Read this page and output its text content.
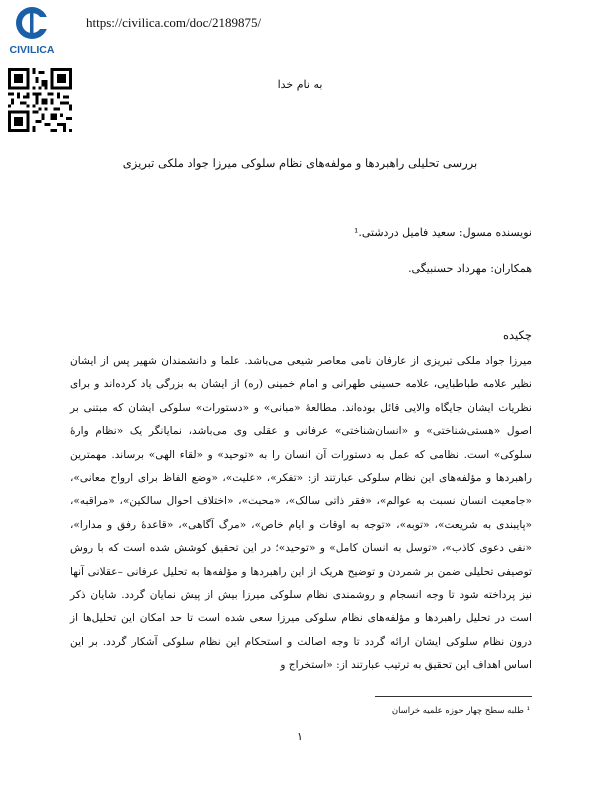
CIVILICA
https://civilica.com/doc/2189875/
به نام خدا
بررسی تحلیلی راهبردها و مولفه‌های نظام سلوکی میرزا جواد ملکی تبریزی
نویسنده مسول: سعید فامیل دردشتی.¹
همکاران: مهرداد حسنبیگی.
چکیده
میرزا جواد ملکی تبریزی از عارفان نامی معاصر شیعی می‌باشد. علما و دانشمندان شهیر پس از ایشان نظیر علامه طباطبایی، علامه حسینی طهرانی و امام خمینی (ره) از ایشان به بزرگی یاد کرده‌اند و برای نظریات ایشان جایگاه والایی قائل بوده‌اند. مطالعهٔ «مبانی» و «دستورات» سلوکی ایشان که مبتنی بر اصول «هستی‌شناختی» و «انسان‌شناختی» عرفانی و عقلی وی می‌باشد، نمایانگر یک «نظام وارهٔ سلوکی» است. نظامی که عمل به دستورات آن انسان را به «توحید» و «لقاء الهی» برساند. مهمترین راهبردها و مؤلفه‌های این نظام سلوکی عبارتند از: «تفکر»، «علیت»، «وضع الفاظ برای ارواح معانی»، «جامعیت انسان نسبت به عوالم»، «فقر ذاتی سالک»، «محبت»، «اختلاف احوال سالکین»، «مراقبه»، «پایبندی به شریعت»، «توبه»، «توجه به اوقات و ایام خاص»، «مرگ آگاهی»، «قاعدهٔ رفق و مدارا»، «نفی دعوی کاذب»، «توسل به انسان کامل» و «توحید»؛ در این تحقیق کوشش شده است که با روش توصیفی تحلیلی ضمن بر شمردن و توضیح هریک از این راهبردها و مؤلفه‌ها به تحلیل عرفانی –عقلانی آنها نیز پرداخته شود تا وجه انسجام و روشمندی نظام سلوکی میرزا بیش از پیش نمایان گردد. شایان ذکر است در تحلیل راهبردها و مؤلفه‌های نظام سلوکی میرزا سعی شده است تا حد امکان این تحلیل‌ها از درون نظام سلوکی ایشان ارائه گردد تا وجه اصالت و استحکام این نظام سلوکی آشکار گردد. بر این اساس اهداف این تحقیق به ترتیب عبارتند از: «استخراج و
¹ طلبه سطح چهار حوزه علمیه خراسان
۱
